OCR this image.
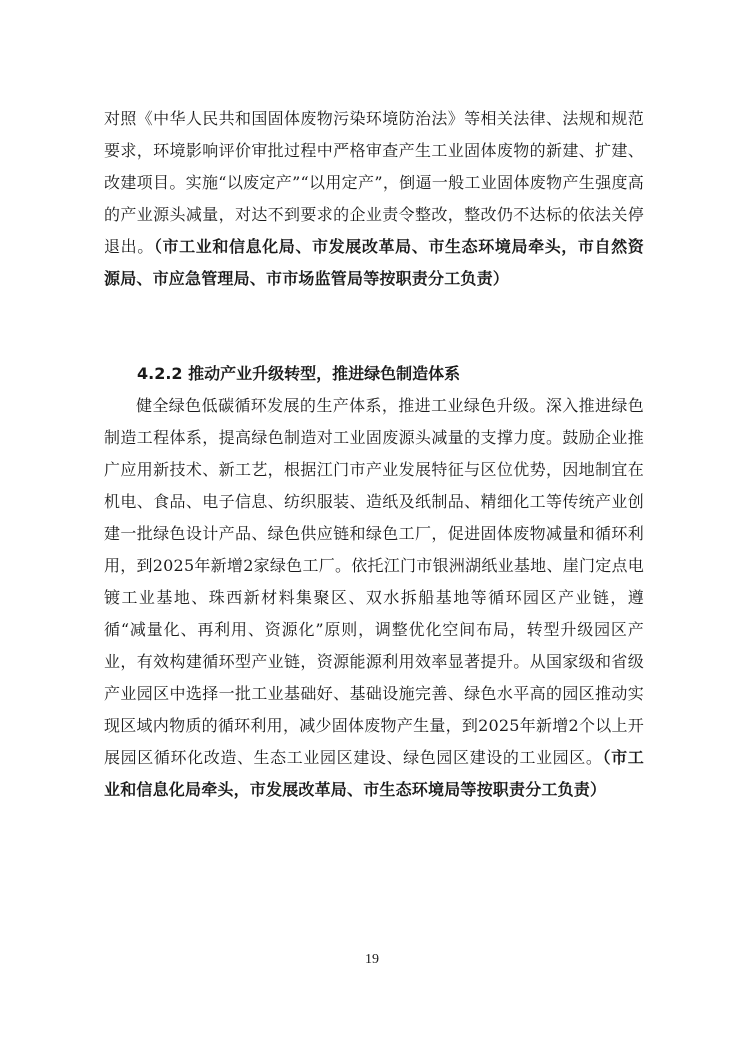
对照《中华人民共和国固体废物污染环境防治法》等相关法律、法规和规范要求，环境影响评价审批过程中严格审查产生工业固体废物的新建、扩建、改建项目。实施“以废定产”“以用定产”，倒逼一般工业固体废物产生强度高的产业源头减量，对达不到要求的企业责令整改，整改仍不达标的依法关停退出。（市工业和信息化局、市发展改革局、市生态环境局牵头，市自然资源局、市应急管理局、市市场监管局等按职责分工负责）

4.2.2 推动产业升级转型，推进绿色制造体系

健全绿色低碳循环发展的生产体系，推进工业绿色升级。深入推进绿色制造工程体系，提高绿色制造对工业固废源头减量的支撑力度。鼓励企业推广应用新技术、新工艺，根据江门市产业发展特征与区位优势，因地制宜在机电、食品、电子信息、纺织服装、造纸及纸制品、精细化工等传统产业创建一批绿色设计产品、绿色供应链和绿色工厂，促进固体废物减量和循环利用，到2025年新增2家绿色工厂。依托江门市银洲湖纸业基地、崖门定点电镀工业基地、珠西新材料集聚区、双水拆船基地等循环园区产业链，遵循“减量化、再利用、资源化”原则，调整优化空间布局，转型升级园区产业，有效构建循环型产业链，资源能源利用效率显著提升。从国家级和省级产业园区中选择一批工业基础好、基础设施完善、绿色水平高的园区推动实现区域内物质的循环利用，减少固体废物产生量，到2025年新增2个以上开展园区循环化改造、生态工业园区建设、绿色园区建设的工业园区。（市工业和信息化局牵头，市发展改革局、市生态环境局等按职责分工负责）

19
